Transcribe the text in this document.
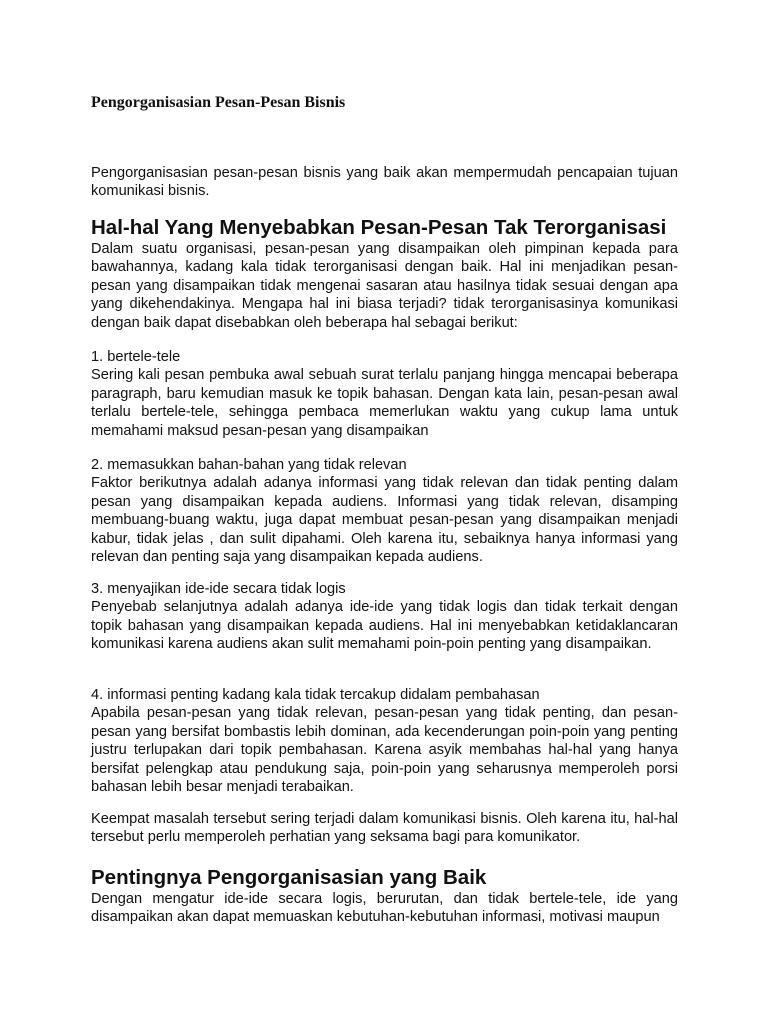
Pengorganisasian Pesan-Pesan Bisnis

Pengorganisasian pesan-pesan bisnis yang baik akan mempermudah pencapaian tujuan komunikasi bisnis.

Hal-hal Yang Menyebabkan Pesan-Pesan Tak Terorganisasi

Dalam suatu organisasi, pesan-pesan yang disampaikan oleh pimpinan kepada para bawahannya, kadang kala tidak terorganisasi dengan baik. Hal ini menjadikan pesan-pesan yang disampaikan tidak mengenai sasaran atau hasilnya tidak sesuai dengan apa yang dikehendakinya. Mengapa hal ini biasa terjadi? tidak terorganisasinya komunikasi dengan baik dapat disebabkan oleh beberapa hal sebagai berikut:

1. bertele-tele
Sering kali pesan pembuka awal sebuah surat terlalu panjang hingga mencapai beberapa paragraph, baru kemudian masuk ke topik bahasan. Dengan kata lain, pesan-pesan awal terlalu bertele-tele, sehingga pembaca memerlukan waktu yang cukup lama untuk memahami maksud pesan-pesan yang disampaikan
2. memasukkan bahan-bahan yang tidak relevan
Faktor berikutnya adalah adanya informasi yang tidak relevan dan tidak penting dalam pesan yang disampaikan kepada audiens. Informasi yang tidak relevan, disamping membuang-buang waktu, juga dapat membuat pesan-pesan yang disampaikan menjadi kabur, tidak jelas , dan sulit dipahami. Oleh karena itu, sebaiknya hanya informasi yang relevan dan penting saja yang disampaikan kepada audiens.
3. menyajikan ide-ide secara tidak logis
Penyebab selanjutnya adalah adanya ide-ide yang tidak logis dan tidak terkait dengan topik bahasan yang disampaikan kepada audiens. Hal ini menyebabkan ketidaklancaran komunikasi karena audiens akan sulit memahami poin-poin penting yang disampaikan.
4. informasi penting kadang kala tidak tercakup didalam pembahasan
Apabila pesan-pesan yang tidak relevan, pesan-pesan yang tidak penting, dan pesan-pesan yang bersifat bombastis lebih dominan, ada kecenderungan poin-poin yang penting justru terlupakan dari topik pembahasan. Karena asyik membahas hal-hal yang hanya bersifat pelengkap atau pendukung saja, poin-poin yang seharusnya memperoleh porsi bahasan lebih besar menjadi terabaikan.

Keempat masalah tersebut sering terjadi dalam komunikasi bisnis. Oleh karena itu, hal-hal tersebut perlu memperoleh perhatian yang seksama bagi para komunikator.

Pentingnya Pengorganisasian yang Baik

Dengan mengatur ide-ide secara logis, berurutan, dan tidak bertele-tele, ide yang disampaikan akan dapat memuaskan kebutuhan-kebutuhan informasi, motivasi maupun
